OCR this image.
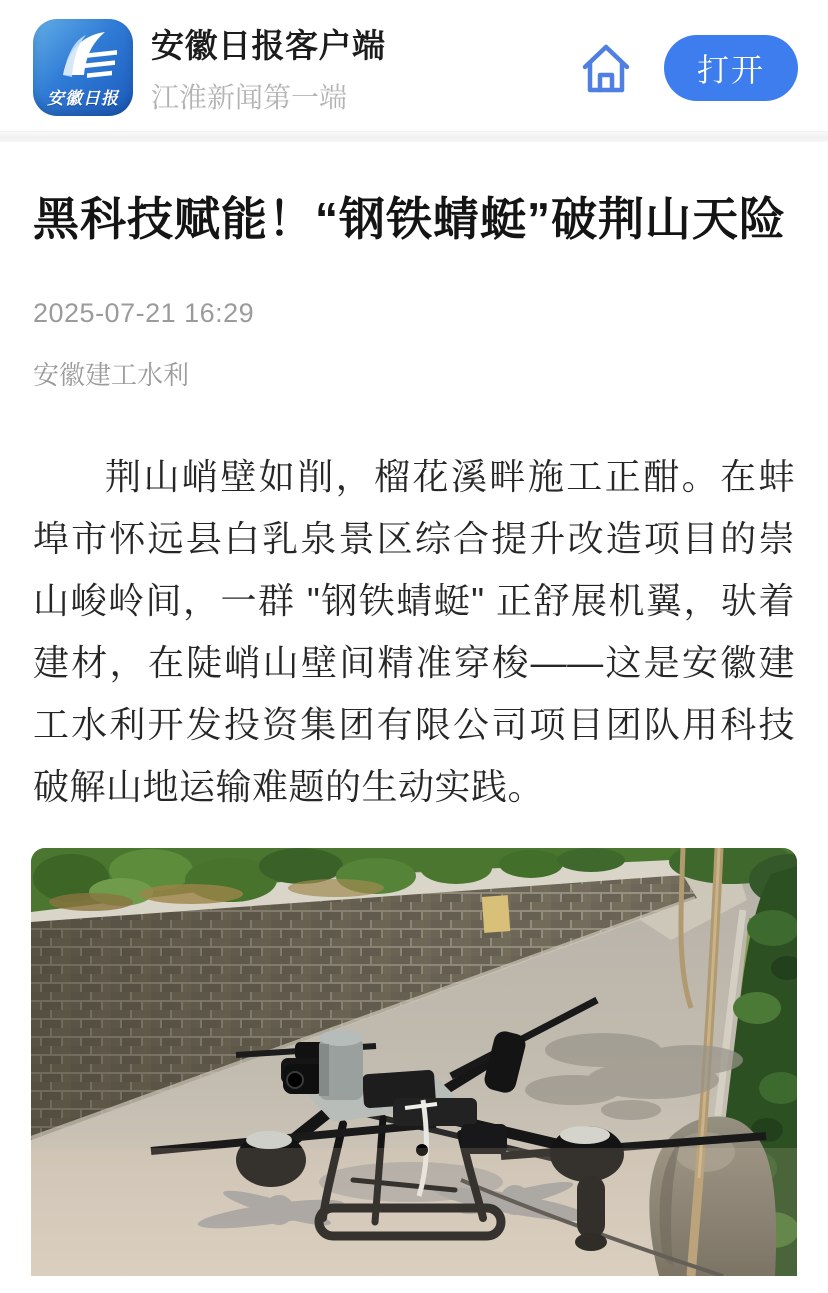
安徽日报
安徽日报客户端
江淮新闻第一端
打开
黑科技赋能！“钢铁蜻蜓”破荆山天险
2025-07-21 16:29
安徽建工水利

荆山峭壁如削，榴花溪畔施工正酣。在蚌埠市怀远县白乳泉景区综合提升改造项目的崇山峻岭间，一群 "钢铁蜻蜓" 正舒展机翼，驮着建材，在陡峭山壁间精准穿梭——这是安徽建工水利开发投资集团有限公司项目团队用科技破解山地运输难题的生动实践。
